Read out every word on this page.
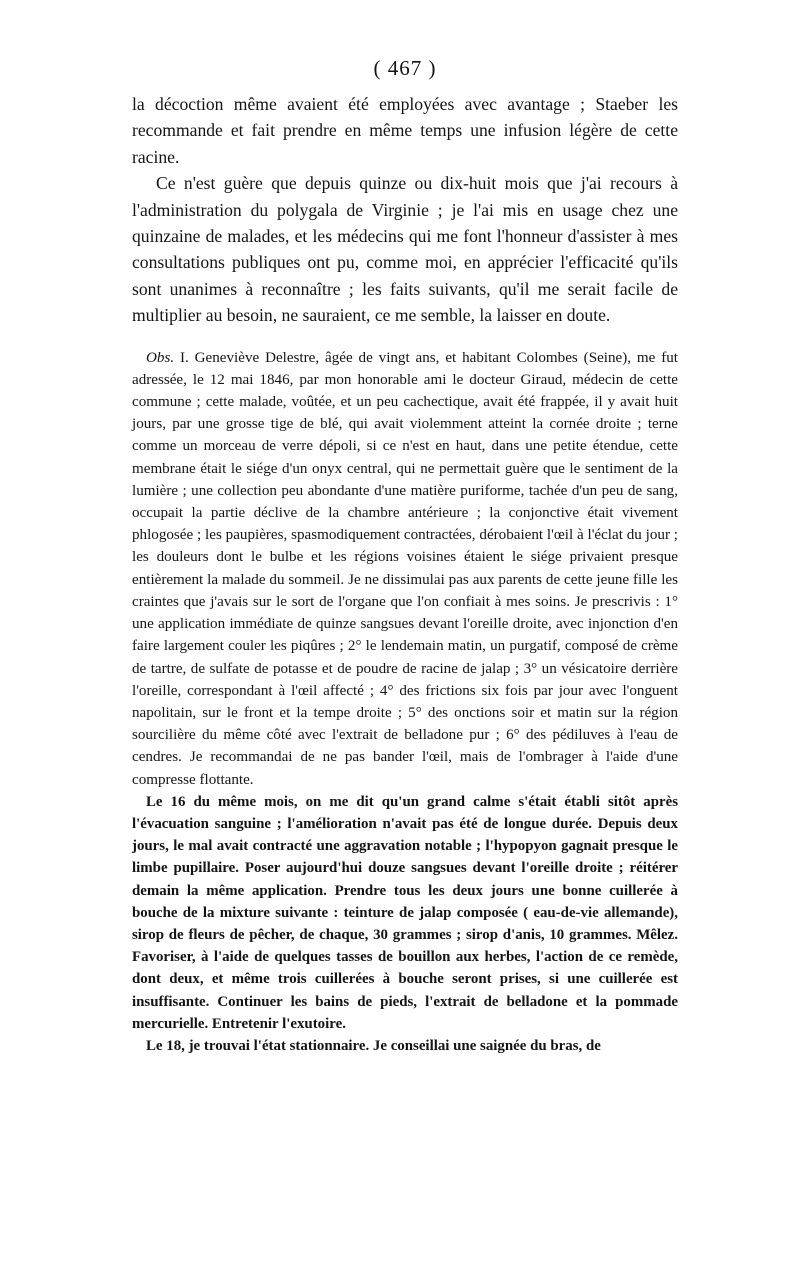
( 467 )

la décoction même avaient été employées avec avantage ; Staeber les recommande et fait prendre en même temps une infusion légère de cette racine.

Ce n'est guère que depuis quinze ou dix-huit mois que j'ai recours à l'administration du polygala de Virginie ; je l'ai mis en usage chez une quinzaine de malades, et les médecins qui me font l'honneur d'assister à mes consultations publiques ont pu, comme moi, en apprécier l'efficacité qu'ils sont unanimes à reconnaître ; les faits suivants, qu'il me serait facile de multiplier au besoin, ne sauraient, ce me semble, la laisser en doute.

Obs. I. Geneviève Delestre, âgée de vingt ans, et habitant Colombes (Seine), me fut adressée, le 12 mai 1846, par mon honorable ami le docteur Giraud, médecin de cette commune ; cette malade, voûtée, et un peu cachectique, avait été frappée, il y avait huit jours, par une grosse tige de blé, qui avait violemment atteint la cornée droite ; terne comme un morceau de verre dépoli, si ce n'est en haut, dans une petite étendue, cette membrane était le siége d'un onyx central, qui ne permettait guère que le sentiment de la lumière ; une collection peu abondante d'une matière puriforme, tachée d'un peu de sang, occupait la partie déclive de la chambre antérieure ; la conjonctive était vivement phlogosée ; les paupières, spasmodiquement contractées, dérobaient l'œil à l'éclat du jour ; les douleurs dont le bulbe et les régions voisines étaient le siége privaient presque entièrement la malade du sommeil. Je ne dissimulai pas aux parents de cette jeune fille les craintes que j'avais sur le sort de l'organe que l'on confiait à mes soins. Je prescrivis : 1° une application immédiate de quinze sangsues devant l'oreille droite, avec injonction d'en faire largement couler les piqûres ; 2° le lendemain matin, un purgatif, composé de crème de tartre, de sulfate de potasse et de poudre de racine de jalap ; 3° un vésicatoire derrière l'oreille, correspondant à l'œil affecté ; 4° des frictions six fois par jour avec l'onguent napolitain, sur le front et la tempe droite ; 5° des onctions soir et matin sur la région sourcilière du même côté avec l'extrait de belladone pur ; 6° des pédiluves à l'eau de cendres. Je recommandai de ne pas bander l'œil, mais de l'ombrager à l'aide d'une compresse flottante.

Le 16 du même mois, on me dit qu'un grand calme s'était établi sitôt après l'évacuation sanguine ; l'amélioration n'avait pas été de longue durée. Depuis deux jours, le mal avait contracté une aggravation notable ; l'hypopyon gagnait presque le limbe pupillaire. Poser aujourd'hui douze sangsues devant l'oreille droite ; réitérer demain la même application. Prendre tous les deux jours une bonne cuillerée à bouche de la mixture suivante : teinture de jalap composée ( eau-de-vie allemande), sirop de fleurs de pêcher, de chaque, 30 grammes ; sirop d'anis, 10 grammes. Mêlez. Favoriser, à l'aide de quelques tasses de bouillon aux herbes, l'action de ce remède, dont deux, et même trois cuillerées à bouche seront prises, si une cuillerée est insuffisante. Continuer les bains de pieds, l'extrait de belladone et la pommade mercurielle. Entretenir l'exutoire.

Le 18, je trouvai l'état stationnaire. Je conseillai une saignée du bras, de
